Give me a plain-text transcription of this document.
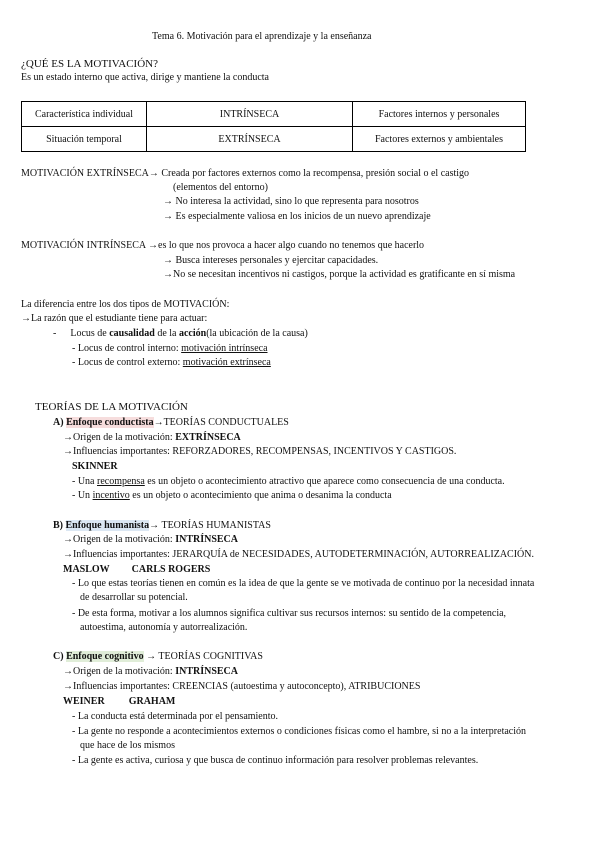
Tema 6. Motivación para el aprendizaje y la enseñanza
¿QUÉ ES LA MOTIVACIÓN?
Es un estado interno que activa, dirige y mantiene la conducta
Característica individual	INTRÍNSECA	Factores internos y personales
Situación temporal	EXTRÍNSECA	Factores externos y ambientales
MOTIVACIÓN EXTRÍNSECA→ Creada por factores externos como la recompensa, presión social o el castigo
(elementos del entorno)
→ No interesa la actividad, sino lo que representa para nosotros
→ Es especialmente valiosa en los inicios de un nuevo aprendizaje
MOTIVACIÓN INTRÍNSECA →es lo que nos provoca a hacer algo cuando no tenemos que hacerlo
→ Busca intereses personales y ejercitar capacidades.
→No se necesitan incentivos ni castigos, porque la actividad es gratificante en sí misma
La diferencia entre los dos tipos de MOTIVACIÓN:
→La razón que el estudiante tiene para actuar:
- Locus de causalidad de la acción(la ubicación de la causa)
- Locus de control interno: motivación intrínseca
- Locus de control externo: motivación extrínseca
TEORÍAS DE LA MOTIVACIÓN
A) Enfoque conductista→TEORÍAS CONDUCTUALES
→Origen de la motivación: EXTRÍNSECA
→Influencias importantes: REFORZADORES, RECOMPENSAS, INCENTIVOS Y CASTIGOS.
SKINNER
- Una recompensa es un objeto o acontecimiento atractivo que aparece como consecuencia de una conducta.
- Un incentivo es un objeto o acontecimiento que anima o desanima la conducta
B) Enfoque humanista→ TEORÍAS HUMANISTAS
→Origen de la motivación: INTRÍNSECA
→Influencias importantes: JERARQUÍA de NECESIDADES, AUTODETERMINACIÓN, AUTORREALIZACIÓN.
MASLOW CARLS ROGERS
- Lo que estas teorías tienen en común es la idea de que la gente se ve motivada de continuo por la necesidad innata
de desarrollar su potencial.
- De esta forma, motivar a los alumnos significa cultivar sus recursos internos: su sentido de la competencia,
autoestima, autonomía y autorrealización.
C) Enfoque cognitivo → TEORÍAS COGNITIVAS
→Origen de la motivación: INTRÍNSECA
→Influencias importantes: CREENCIAS (autoestima y autoconcepto), ATRIBUCIONES
WEINER GRAHAM
- La conducta está determinada por el pensamiento.
- La gente no responde a acontecimientos externos o condiciones físicas como el hambre, si no a la interpretación
que hace de los mismos
- La gente es activa, curiosa y que busca de continuo información para resolver problemas relevantes.
